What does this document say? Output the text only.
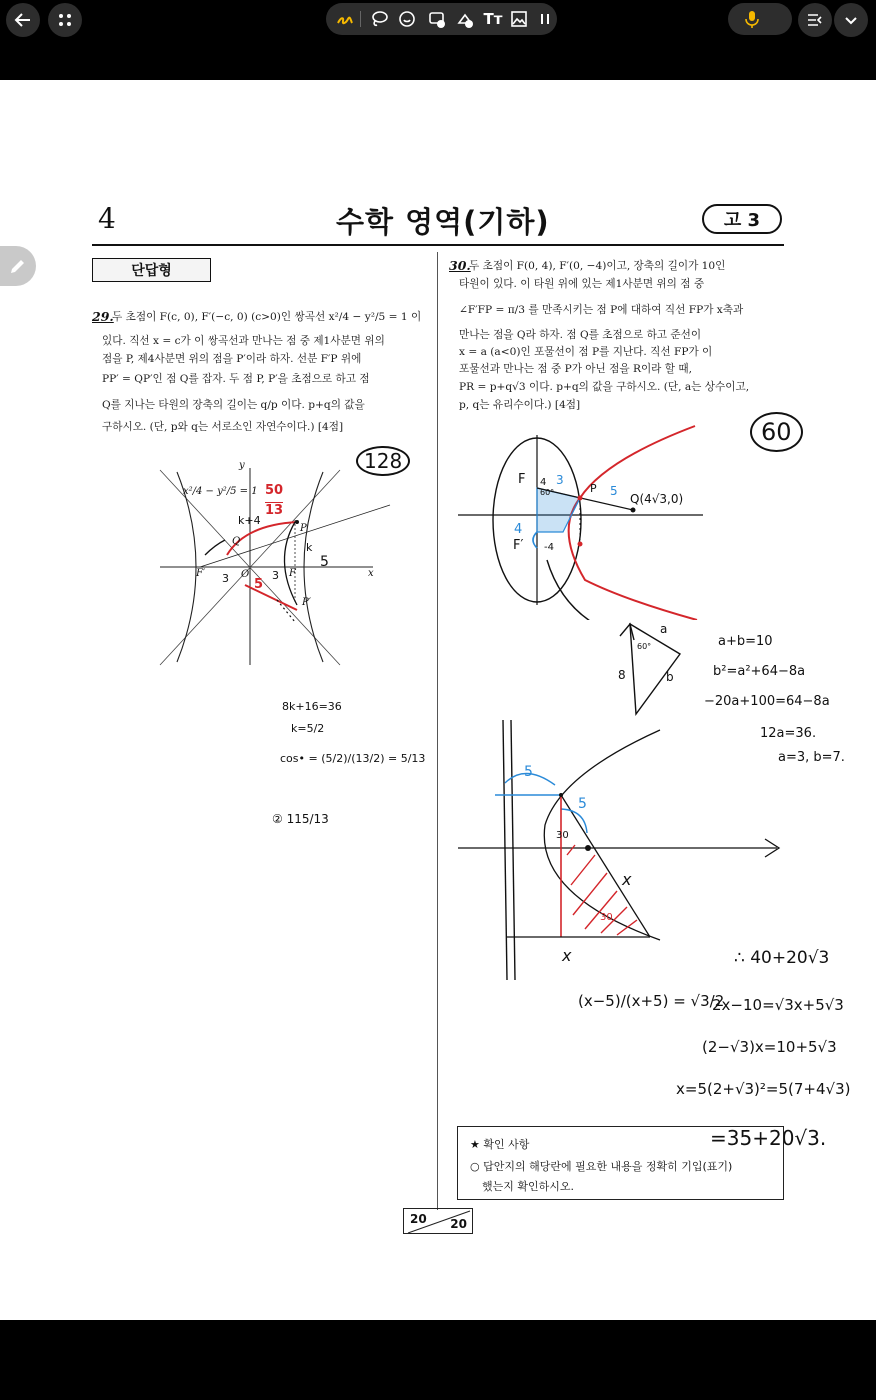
Tт
4	수학 영역(기하)	고 3
단답형
29.
두 초점이 F(c, 0), F′(−c, 0) (c>0)인 쌍곡선 x²/4 − y²/5 = 1 이
있다. 직선 x = c가 이 쌍곡선과 만나는 점 중 제1사분면 위의
점을 P, 제4사분면 위의 점을 P′이라 하자. 선분 F′P 위에
PP′ = QP′인 점 Q를 잡자. 두 점 P, P′을 초점으로 하고 점
Q를 지나는 타원의 장축의 길이는 q/p 이다. p+q의 값을
구하시오. (단, p와 q는 서로소인 자연수이다.) [4점]
y
x
Q
P
O
F′	F
P′
x²/4 − y²/5 = 1
128
50
13
k+4
k
5
3	3
5
8k+16=36
k=5/2
cos• = (5/2)/(13/2) = 5/13
② 115/13
30.
두 초점이 F(0, 4), F′(0, −4)이고, 장축의 길이가 10인
타원이 있다. 이 타원 위에 있는 제1사분면 위의 점 중
∠F′FP = π/3 를 만족시키는 점 P에 대하여 직선 FP가 x축과
만나는 점을 Q라 하자. 점 Q를 초점으로 하고 준선이
x = a (a<0)인 포물선이 점 P를 지난다. 직선 FP가 이
포물선과 만나는 점 중 P가 아닌 점을 R이라 할 때,
PR = p+q√3 이다. p+q의 값을 구하시오. (단, a는 상수이고,
p, q는 유리수이다.) [4점]
60
F
F′
4
-4
4
3
5
60°	P
Q(4√3,0)
a
b
8
60°	a+b=10
b²=a²+64−8a
−20a+100=64−8a
12a=36.
a=3, b=7.
5
5
30
x
x
30
(x−5)/(x+5) = √3/2
∴ 40+20√3
2x−10=√3x+5√3
(2−√3)x=10+5√3
x=5(2+√3)²=5(7+4√3)
=35+20√3.
★ 확인 사항
○ 답안지의 해당란에 필요한 내용을 정확히 기입(표기)
했는지 확인하시오.
20 20
